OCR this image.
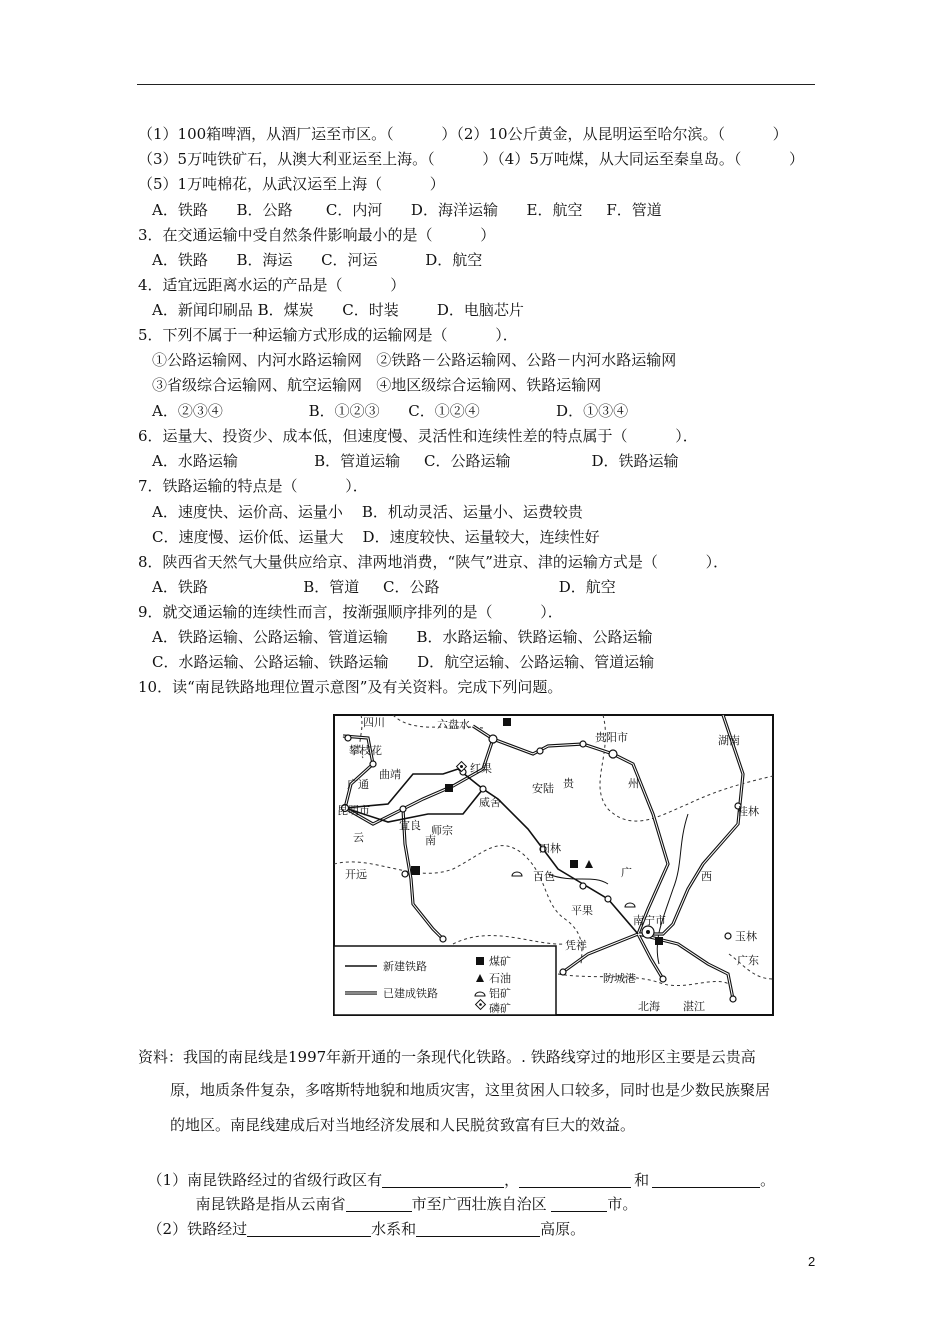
（1）100箱啤酒，从酒厂运至市区。（          ）（2）10公斤黄金，从昆明运至哈尔滨。（          ）
（3）5万吨铁矿石，从澳大利亚运至上海。（          ）（4）5万吨煤，从大同运至秦皇岛。（          ）
（5）1万吨棉花，从武汉运至上海（          ）
A．铁路      B．公路       C．内河      D．海洋运输      E．航空     F．管道
3．在交通运输中受自然条件影响最小的是（          ）
A．铁路      B．海运      C．河运          D．航空
4．适宜远距离水运的产品是（          ）
A．新闻印刷品 B．煤炭      C．时装        D．电脑芯片
5．下列不属于一种运输方式形成的运输网是（          ）．
①公路运输网、内河水路运输网   ②铁路－公路运输网、公路－内河水路运输网
③省级综合运输网、航空运输网   ④地区级综合运输网、铁路运输网
A．②③④                  B．①②③      C．①②④                D．①③④
6．运量大、投资少、成本低，但速度慢、灵活性和连续性差的特点属于（          ）．
A．水路运输                B．管道运输     C．公路运输                 D．铁路运输
7．铁路运输的特点是（          ）．
A．速度快、运价高、运量小    B．机动灵活、运量小、运费较贵
C．速度慢、运价低、运量大    D．速度较快、运量较大，连续性好
8．陕西省天然气大量供应给京、津两地消费，“陕气”进京、津的运输方式是（          ）．
A．铁路                    B．管道     C．公路                         D．航空
9．就交通运输的连续性而言，按渐强顺序排列的是（          ）．
A．铁路运输、公路运输、管道运输      B．水路运输、铁路运输、公路运输
C．水路运输、公路运输、铁路运输      D．航空运输、公路运输、管道运输
10．读“南昆铁路地理位置示意图”及有关资料。完成下列问题。
资料：我国的南昆线是1997年新开通的一条现代化铁路。. 铁路线穿过的地形区主要是云贵高
原，地质条件复杂，多喀斯特地貌和地质灾害，这里贫困人口较多，同时也是少数民族聚居
的地区。南昆线建成后对当地经济发展和人民脱贫致富有巨大的效益。
四川
攀枝花
六盘水
贵阳市	湖南
州
曲靖	红果
安陆 贵
广通
威舍
昆明市
师宗
宜良
云	南
桂林
田林
百色	广
开远	西
平果
南宁市
玉林
凭祥
防城港
广东
北海 湛江
新建铁路
已建成铁路
煤矿
石油
铝矿
磷矿

（1）南昆铁路经过的省级行政区有	，	和	。

南昆铁路是指从云南省	市至广西壮族自治区	市。

（2）铁路经过	水系和	高原。

2
